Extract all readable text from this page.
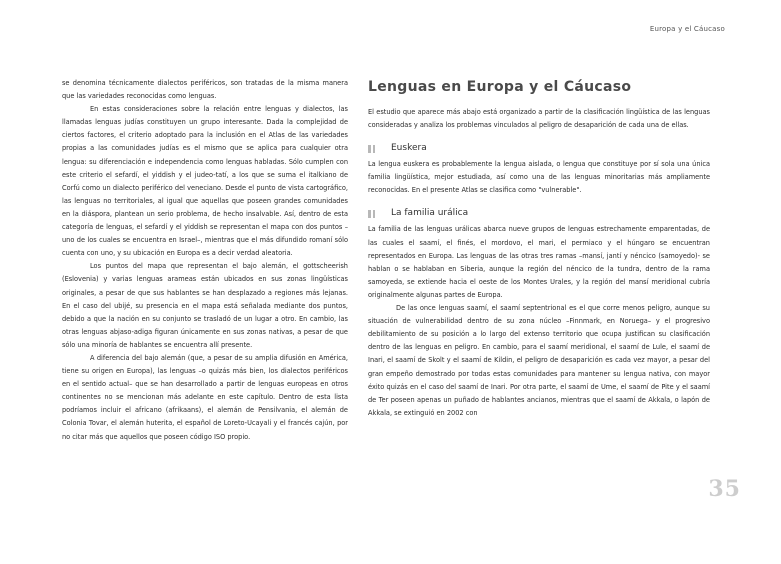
Europa y el Cáucaso

se denomina técnicamente dialectos periféricos, son tratadas de la misma manera que las variedades reconocidas como lenguas.

En estas consideraciones sobre la relación entre lenguas y dialectos, las llamadas lenguas judías constituyen un grupo interesante. Dada la complejidad de ciertos factores, el criterio adoptado para la inclusión en el Atlas de las variedades propias a las comunidades judías es el mismo que se aplica para cualquier otra lengua: su diferenciación e independencia como lenguas habladas. Sólo cumplen con este criterio el sefardí, el yiddish y el judeo-tatí, a los que se suma el italkiano de Corfú como un dialecto periférico del veneciano. Desde el punto de vista cartográfico, las lenguas no territoriales, al igual que aquellas que poseen grandes comunidades en la diáspora, plantean un serio problema, de hecho insalvable. Así, dentro de esta categoría de lenguas, el sefardí y el yiddish se representan el mapa con dos puntos –uno de los cuales se encuentra en Israel–, mientras que el más difundido romaní sólo cuenta con uno, y su ubicación en Europa es a decir verdad aleatoria.

Los puntos del mapa que representan el bajo alemán, el gottscheerish (Eslovenia) y varias lenguas arameas están ubicados en sus zonas lingüísticas originales, a pesar de que sus hablantes se han desplazado a regiones más lejanas. En el caso del ubijé, su presencia en el mapa está señalada mediante dos puntos, debido a que la nación en su conjunto se trasladó de un lugar a otro. En cambio, las otras lenguas abjaso-adiga figuran únicamente en sus zonas nativas, a pesar de que sólo una minoría de hablantes se encuentra allí presente.

A diferencia del bajo alemán (que, a pesar de su amplia difusión en América, tiene su origen en Europa), las lenguas –o quizás más bien, los dialectos periféricos en el sentido actual– que se han desarrollado a partir de lenguas europeas en otros continentes no se mencionan más adelante en este capítulo. Dentro de esta lista podríamos incluir el africano (afrikaans), el alemán de Pensilvania, el alemán de Colonia Tovar, el alemán huterita, el español de Loreto-Ucayali y el francés cajún, por no citar más que aquellos que poseen código ISO propio.

Lenguas en Europa y el Cáucaso

El estudio que aparece más abajo está organizado a partir de la clasificación lingüística de las lenguas consideradas y analiza los problemas vinculados al peligro de desaparición de cada una de ellas.

Euskera

La lengua euskera es probablemente la lengua aislada, o lengua que constituye por sí sola una única familia lingüística, mejor estudiada, así como una de las lenguas minoritarias más ampliamente reconocidas. En el presente Atlas se clasifica como "vulnerable".

La familia urálica

La familia de las lenguas urálicas abarca nueve grupos de lenguas estrechamente emparentadas, de las cuales el saamí, el finés, el mordovo, el mari, el permiaco y el húngaro se encuentran representados en Europa. Las lenguas de las otras tres ramas –mansí, jantí y néncico (samoyedo)- se hablan o se hablaban en Siberia, aunque la región del néncico de la tundra, dentro de la rama samoyeda, se extiende hacia el oeste de los Montes Urales, y la región del mansí meridional cubría originalmente algunas partes de Europa.

De las once lenguas saamí, el saamí septentrional es el que corre menos peligro, aunque su situación de vulnerabilidad dentro de su zona núcleo –Finnmark, en Noruega– y el progresivo debilitamiento de su posición a lo largo del extenso territorio que ocupa justifican su clasificación dentro de las lenguas en peligro. En cambio, para el saamí meridional, el saamí de Lule, el saamí de Inari, el saamí de Skolt y el saamí de Kildin, el peligro de desaparición es cada vez mayor, a pesar del gran empeño demostrado por todas estas comunidades para mantener su lengua nativa, con mayor éxito quizás en el caso del saamí de Inari. Por otra parte, el saamí de Ume, el saamí de Pite y el saamí de Ter poseen apenas un puñado de hablantes ancianos, mientras que el saamí de Akkala, o lapón de Akkala, se extinguió en 2002 con

35
